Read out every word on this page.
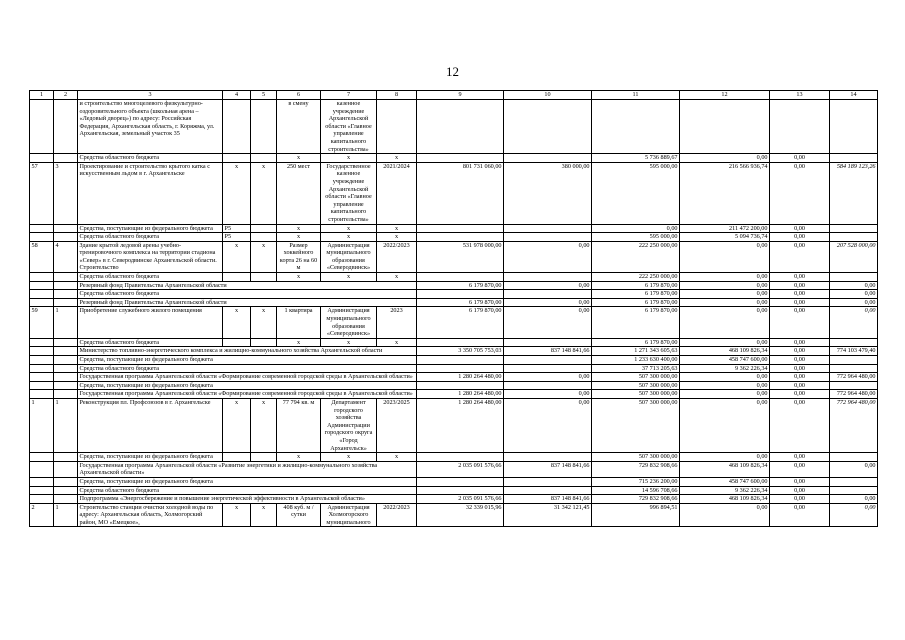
12
1	2	3	4	5	6	7	8	9	10	11	12	13	14
		и строительство многоцелевого физкультурно-оздоровительного объекта (школьная арена – «Ледовый дворец») по адресу: Российская Федерация, Архангельская область, г. Коряжма, ул. Архангельская, земельный участок 35			в смену	казенное учреждение Архангельской области «Главное управление капитального строительства»							
		Средства областного бюджета			х	х	х			5 736 889,67	0,00	0,00	
57	3	Проектирование и строительство крытого катка с искусственным льдом в г. Архангельске	х	х	250 мест	Государственное казенное учреждение Архангельской области «Главное управление капитального строительства»	2021/2024	801 731 060,00	380 000,00	595 000,00	216 566 936,74	0,00	584 189 123,26
		Средства, поступающие из федерального бюджета	Р5		х	х	х			0,00	211 472 200,00	0,00	
		Средства областного бюджета	Р5		х	х	х			595 000,00	5 094 736,74	0,00	
58	4	Здание крытой ледовой арены учебно-тренировочного комплекса на территории стадиона «Север» в г. Северодвинске Архангельской области. Строительство	х	х	Размер хоккейного корта 26 на 60 м	Администрация муниципального образования «Северодвинск»	2022/2023	531 978 000,00	0,00	222 250 000,00	0,00	0,00	207 528 000,00
		Средства областного бюджета			х	х	х			222 250 000,00	0,00	0,00	
		Резервный фонд Правительства Архангельской области						6 179 870,00	0,00	6 179 870,00	0,00	0,00	0,00
		Средства областного бюджета								6 179 870,00	0,00	0,00	0,00
		Резервный фонд Правительства Архангельской области						6 179 870,00	0,00	6 179 870,00	0,00	0,00	0,00
59	1	Приобретение служебного жилого помещения	х	х	1 квартира	Администрация муниципального образования «Северодвинск»	2023	6 179 870,00	0,00	6 179 870,00	0,00	0,00	0,00
		Средства областного бюджета			х	х	х			6 179 870,00	0,00	0,00	
		Министерство топливно-энергетического комплекса и жилищно-коммунального хозяйства Архангельской области						3 350 705 753,03	837 148 841,66	1 271 343 605,63	468 109 826,34	0,00	774 103 479,40
		Средства, поступающие из федерального бюджета								1 233 630 400,00	458 747 600,00	0,00	
		Средства областного бюджета								37 713 205,63	9 362 226,34	0,00	
		Государственная программа Архангельской области «Формирование современной городской среды в Архангельской области»						1 280 264 480,00	0,00	507 300 000,00	0,00	0,00	772 964 480,00
		Средства, поступающие из федерального бюджета								507 300 000,00	0,00	0,00	
		Государственная программа Архангельской области «Формирование современной городской среды в Архангельской области»						1 280 264 480,00	0,00	507 300 000,00	0,00	0,00	772 964 480,00
1	1	Реконструкция пл. Профсоюзов в г. Архангельске	х	х	77 794 кв. м	Департамент городского хозяйства Администрации городского округа «Город Архангельск»	2023/2025	1 280 264 480,00	0,00	507 300 000,00	0,00	0,00	772 964 480,00
		Средства, поступающие из федерального бюджета			х	х	х			507 300 000,00	0,00	0,00	
		Государственная программа Архангельской области «Развитие энергетики и жилищно-коммунального хозяйства Архангельской области»						2 035 091 576,66	837 148 841,66	729 832 908,66	468 109 826,34	0,00	0,00
		Средства, поступающие из федерального бюджета								715 236 200,00	458 747 600,00	0,00	
		Средства областного бюджета								14 596 708,66	9 362 226,34	0,00	
		Подпрограмма «Энергосбережение и повышение энергетической эффективности в Архангельской области»						2 035 091 576,66	837 148 841,66	729 832 908,66	468 109 826,34	0,00	0,00
2	1	Строительство станции очистки холодной воды по адресу: Архангельская область, Холмогорский район, МО «Емецкое»,	х	х	408 куб. м / сутки	Администрация Холмогорского муниципального	2022/2023	32 339 015,96	31 342 121,45	996 894,51	0,00	0,00	0,00
